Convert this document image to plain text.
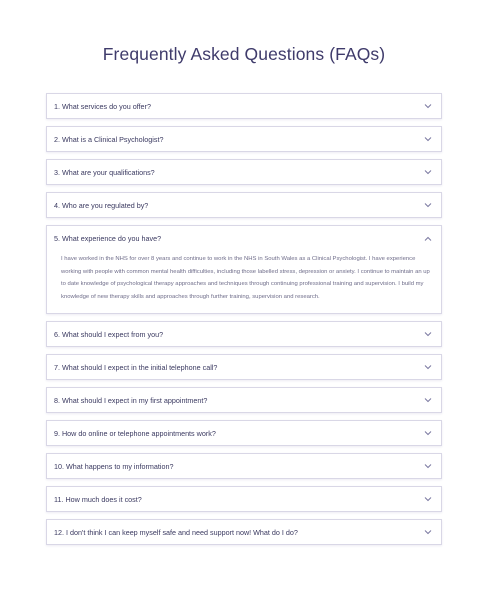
Frequently Asked Questions (FAQs)
1. What services do you offer?
2. What is a Clinical Psychologist?
3. What are your qualifications?
4. Who are you regulated by?
5. What experience do you have?
I have worked in the NHS for over 8 years and continue to work in the NHS in South Wales as a Clinical Psychologist. I have experience working with people with common mental health difficulties, including those labelled stress, depression or anxiety. I continue to maintain an up to date knowledge of psychological therapy approaches and techniques through continuing professional training and supervision. I build my knowledge of new therapy skills and approaches through further training, supervision and research.
6. What should I expect from you?
7. What should I expect in the initial telephone call?
8. What should I expect in my first appointment?
9. How do online or telephone appointments work?
10. What happens to my information?
11. How much does it cost?
12. I don't think I can keep myself safe and need support now! What do I do?
